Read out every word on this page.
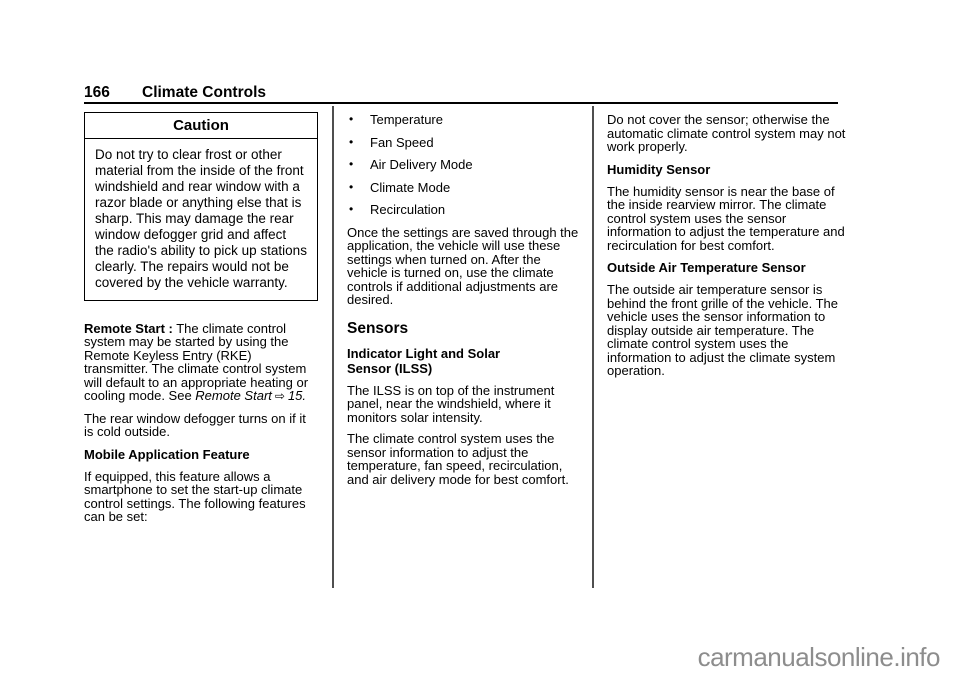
166 Climate Controls
Caution
Do not try to clear frost or other material from the inside of the front windshield and rear window with a razor blade or anything else that is sharp. This may damage the rear window defogger grid and affect the radio's ability to pick up stations clearly. The repairs would not be covered by the vehicle warranty.

Remote Start : The climate control system may be started by using the Remote Keyless Entry (RKE) transmitter. The climate control system will default to an appropriate heating or cooling mode. See Remote Start ⇨ 15.

The rear window defogger turns on if it is cold outside.

Mobile Application Feature

If equipped, this feature allows a smartphone to set the start-up climate control settings. The following features can be set:

•	Temperature
•	Fan Speed
•	Air Delivery Mode
•	Climate Mode
•	Recirculation

Once the settings are saved through the application, the vehicle will use these settings when turned on. After the vehicle is turned on, use the climate controls if additional adjustments are desired.

Sensors
Indicator Light and Solar Sensor (ILSS)

The ILSS is on top of the instrument panel, near the windshield, where it monitors solar intensity.

The climate control system uses the sensor information to adjust the temperature, fan speed, recirculation, and air delivery mode for best comfort.

Do not cover the sensor; otherwise the automatic climate control system may not work properly.

Humidity Sensor

The humidity sensor is near the base of the inside rearview mirror. The climate control system uses the sensor information to adjust the temperature and recirculation for best comfort.

Outside Air Temperature Sensor

The outside air temperature sensor is behind the front grille of the vehicle. The vehicle uses the sensor information to display outside air temperature. The climate control system uses the information to adjust the climate system operation.

carmanualsonline.info
